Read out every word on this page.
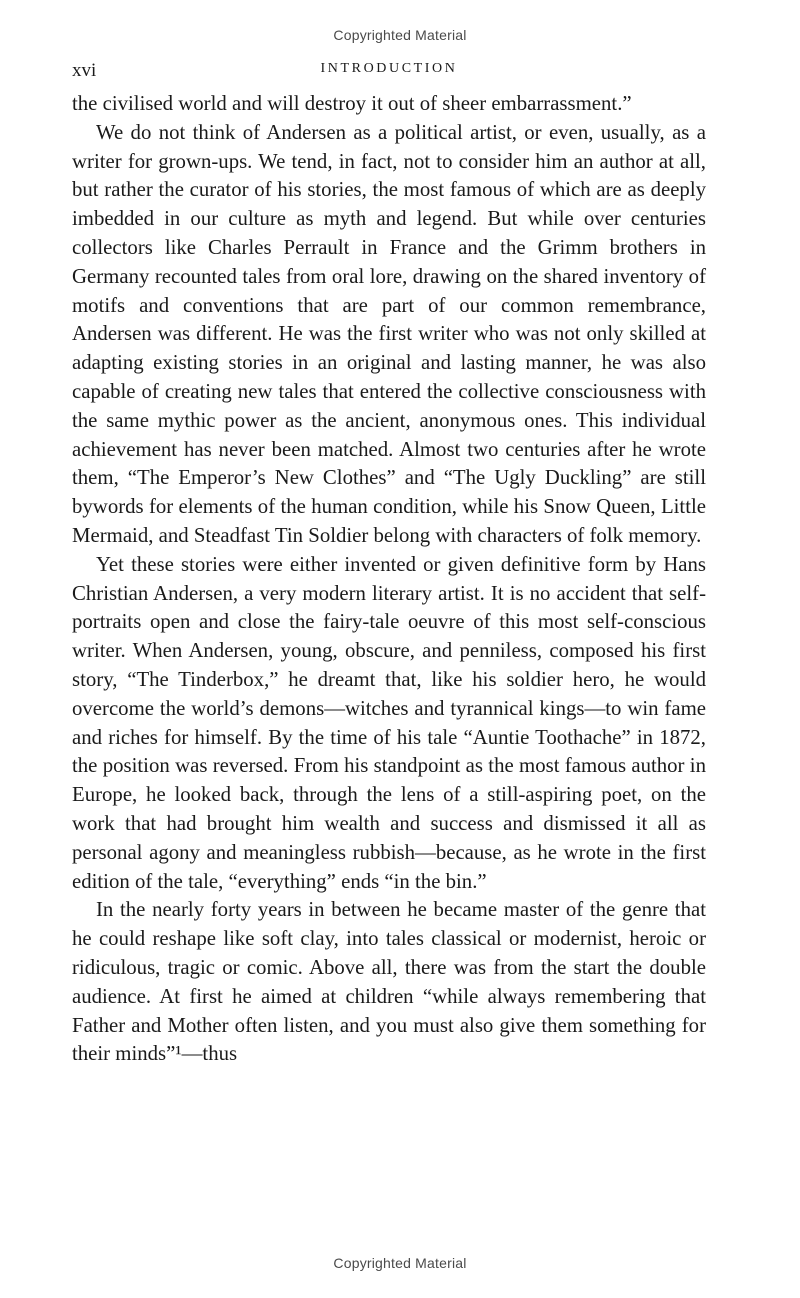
Copyrighted Material
xvi	INTRODUCTION

the civilised world and will destroy it out of sheer embarrassment.”

We do not think of Andersen as a political artist, or even, usually, as a writer for grown-ups. We tend, in fact, not to consider him an author at all, but rather the curator of his stories, the most famous of which are as deeply imbedded in our culture as myth and legend. But while over centuries collectors like Charles Perrault in France and the Grimm brothers in Germany recounted tales from oral lore, drawing on the shared inventory of motifs and conventions that are part of our common remembrance, Andersen was different. He was the first writer who was not only skilled at adapting existing stories in an original and lasting manner, he was also capable of creating new tales that entered the collective consciousness with the same mythic power as the ancient, anonymous ones. This individual achievement has never been matched. Almost two centuries after he wrote them, “The Emperor’s New Clothes” and “The Ugly Duckling” are still bywords for elements of the human condition, while his Snow Queen, Little Mermaid, and Steadfast Tin Soldier belong with characters of folk memory.

Yet these stories were either invented or given definitive form by Hans Christian Andersen, a very modern literary artist. It is no accident that self-portraits open and close the fairy-tale oeuvre of this most self-conscious writer. When Andersen, young, obscure, and penniless, composed his first story, “The Tinderbox,” he dreamt that, like his soldier hero, he would overcome the world’s demons—witches and tyrannical kings—to win fame and riches for himself. By the time of his tale “Auntie Toothache” in 1872, the position was reversed. From his standpoint as the most famous author in Europe, he looked back, through the lens of a still-aspiring poet, on the work that had brought him wealth and success and dismissed it all as personal agony and meaningless rubbish—because, as he wrote in the first edition of the tale, “everything” ends “in the bin.”

In the nearly forty years in between he became master of the genre that he could reshape like soft clay, into tales classical or modernist, heroic or ridiculous, tragic or comic. Above all, there was from the start the double audience. At first he aimed at children “while always remembering that Father and Mother often listen, and you must also give them something for their minds”¹—thus

Copyrighted Material
